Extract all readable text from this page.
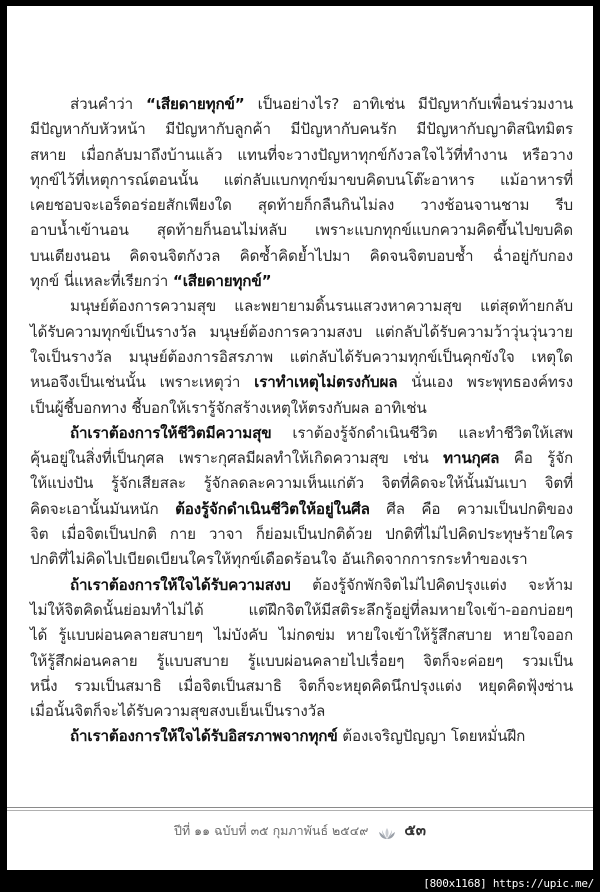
ส่วนคำว่า “เสียดายทุกข์” เป็นอย่างไร? อาทิเช่น มีปัญหากับเพื่อนร่วมงาน
มีปัญหากับหัวหน้า มีปัญหากับลูกค้า มีปัญหากับคนรัก มีปัญหากับญาติสนิทมิตร
สหาย เมื่อกลับมาถึงบ้านแล้ว แทนที่จะวางปัญหาทุกข์กังวลใจไว้ที่ทำงาน หรือวาง
ทุกข์ไว้ที่เหตุการณ์ตอนนั้น แต่กลับแบกทุกข์มาขบคิดบนโต๊ะอาหาร แม้อาหารที่
เคยชอบจะเอร็ดอร่อยสักเพียงใด สุดท้ายก็กลืนกินไม่ลง วางช้อนจานชาม รีบ
อาบน้ำเข้านอน สุดท้ายก็นอนไม่หลับ เพราะแบกทุกข์แบกความคิดขึ้นไปขบคิด
บนเตียงนอน คิดจนจิตกังวล คิดซ้ำคิดย้ำไปมา คิดจนจิตบอบช้ำ ฉ่ำอยู่กับกอง
ทุกข์ นี่แหละที่เรียกว่า “เสียดายทุกข์”
มนุษย์ต้องการความสุข และพยายามดิ้นรนแสวงหาความสุข แต่สุดท้ายกลับ
ได้รับความทุกข์เป็นรางวัล มนุษย์ต้องการความสงบ แต่กลับได้รับความว้าวุ่นวุ่นวาย
ใจเป็นรางวัล มนุษย์ต้องการอิสรภาพ แต่กลับได้รับความทุกข์เป็นคุกขังใจ เหตุใด
หนอจึงเป็นเช่นนั้น เพราะเหตุว่า เราทำเหตุไม่ตรงกับผล นั่นเอง พระพุทธองค์ทรง
เป็นผู้ชี้บอกทาง ชี้บอกให้เรารู้จักสร้างเหตุให้ตรงกับผล อาทิเช่น
ถ้าเราต้องการให้ชีวิตมีความสุข เราต้องรู้จักดำเนินชีวิต และทำชีวิตให้เสพ
คุ้นอยู่ในสิ่งที่เป็นกุศล เพราะกุศลมีผลทำให้เกิดความสุข เช่น ทานกุศล คือ รู้จัก
ให้แบ่งปัน รู้จักเสียสละ รู้จักลดละความเห็นแก่ตัว จิตที่คิดจะให้นั้นมันเบา จิตที่
คิดจะเอานั้นมันหนัก ต้องรู้จักดำเนินชีวิตให้อยู่ในศีล ศีล คือ ความเป็นปกติของ
จิต เมื่อจิตเป็นปกติ กาย วาจา ก็ย่อมเป็นปกติด้วย ปกติที่ไม่ไปคิดประทุษร้ายใคร
ปกติที่ไม่คิดไปเบียดเบียนใครให้ทุกข์เดือดร้อนใจ อันเกิดจากการกระทำของเรา
ถ้าเราต้องการให้ใจได้รับความสงบ ต้องรู้จักพักจิตไม่ไปคิดปรุงแต่ง จะห้าม
ไม่ให้จิตคิดนั้นย่อมทำไม่ได้ แต่ฝึกจิตให้มีสติระลึกรู้อยู่ที่ลมหายใจเข้า-ออกบ่อยๆ
ได้ รู้แบบผ่อนคลายสบายๆ ไม่บังคับ ไม่กดข่ม หายใจเข้าให้รู้สึกสบาย หายใจออก
ให้รู้สึกผ่อนคลาย รู้แบบสบาย รู้แบบผ่อนคลายไปเรื่อยๆ จิตก็จะค่อยๆ รวมเป็น
หนึ่ง รวมเป็นสมาธิ เมื่อจิตเป็นสมาธิ จิตก็จะหยุดคิดนึกปรุงแต่ง หยุดคิดฟุ้งซ่าน
เมื่อนั้นจิตก็จะได้รับความสุขสงบเย็นเป็นรางวัล
ถ้าเราต้องการให้ใจได้รับอิสรภาพจากทุกข์ ต้องเจริญปัญญา โดยหมั่นฝึก
ปีที่ ๑๑ ฉบับที่ ๓๕ กุมภาพันธ์ ๒๕๔๙ ๕๓
[800x1168] https://upic.me/
